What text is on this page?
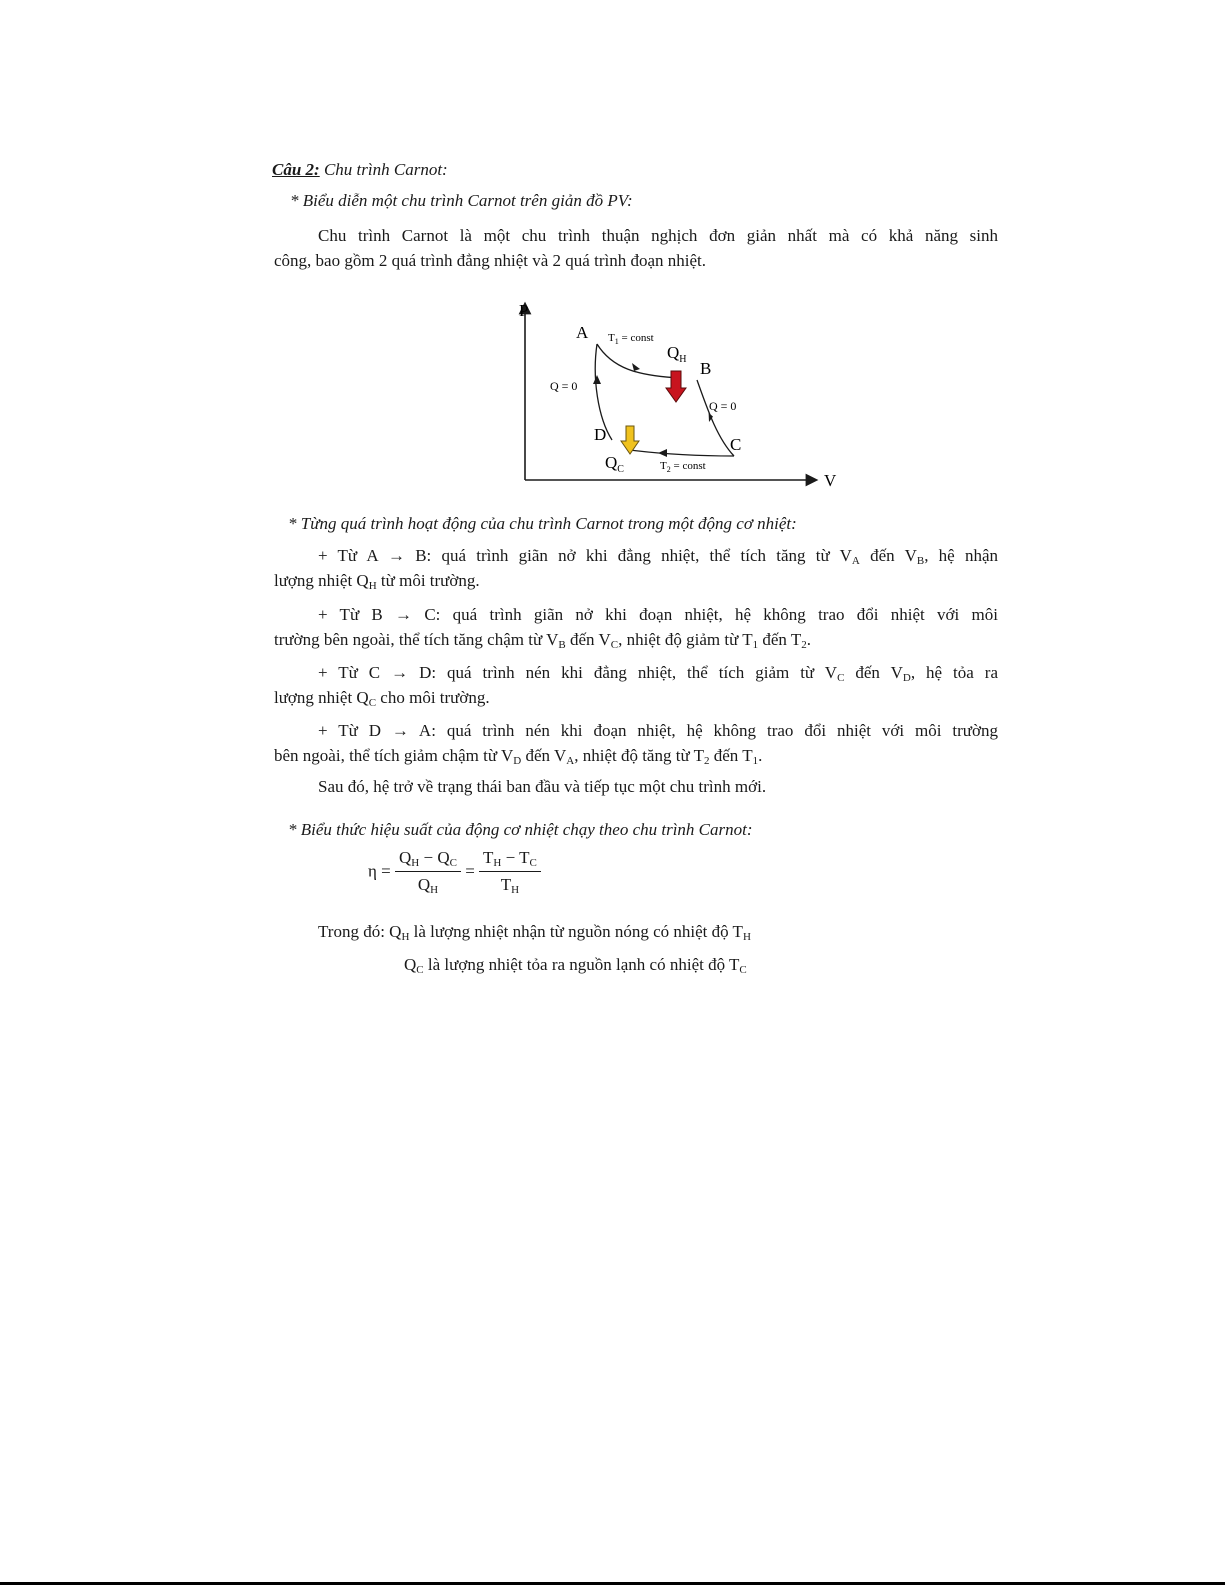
Câu 2: Chu trình Carnot:
* Biểu diễn một chu trình Carnot trên giản đồ PV:
Chu trình Carnot là một chu trình thuận nghịch đơn giản nhất mà có khả năng sinh
công, bao gồm 2 quá trình đẳng nhiệt và 2 quá trình đoạn nhiệt.
P
V
A
B
C
D
$T_1$ = const
$T_2$ = const
$Q_H$
$Q_C$
Q = 0
Q = 0
* Từng quá trình hoạt động của chu trình Carnot trong một động cơ nhiệt:
+ Từ A → B: quá trình giãn nở khi đẳng nhiệt, thể tích tăng từ $V_A$ đến $V_B$, hệ nhận
lượng nhiệt $Q_H$ từ môi trường.
+ Từ B → C: quá trình giãn nở khi đoạn nhiệt, hệ không trao đổi nhiệt với môi
trường bên ngoài, thể tích tăng chậm từ $V_B$ đến $V_C$, nhiệt độ giảm từ $T_1$ đến $T_2$.
+ Từ C → D: quá trình nén khi đẳng nhiệt, thể tích giảm từ $V_C$ đến $V_D$, hệ tỏa ra
lượng nhiệt $Q_C$ cho môi trường.
+ Từ D → A: quá trình nén khi đoạn nhiệt, hệ không trao đổi nhiệt với môi trường
bên ngoài, thể tích giảm chậm từ $V_D$ đến $V_A$, nhiệt độ tăng từ $T_2$ đến $T_1$.
Sau đó, hệ trở về trạng thái ban đầu và tiếp tục một chu trình mới.
* Biểu thức hiệu suất của động cơ nhiệt chạy theo chu trình Carnot:
$\eta = \frac{Q_H - Q_C}{Q_H} = \frac{T_H - T_C}{T_H}$
Trong đó: $Q_H$ là lượng nhiệt nhận từ nguồn nóng có nhiệt độ $T_H$
$Q_C$ là lượng nhiệt tỏa ra nguồn lạnh có nhiệt độ $T_C$
